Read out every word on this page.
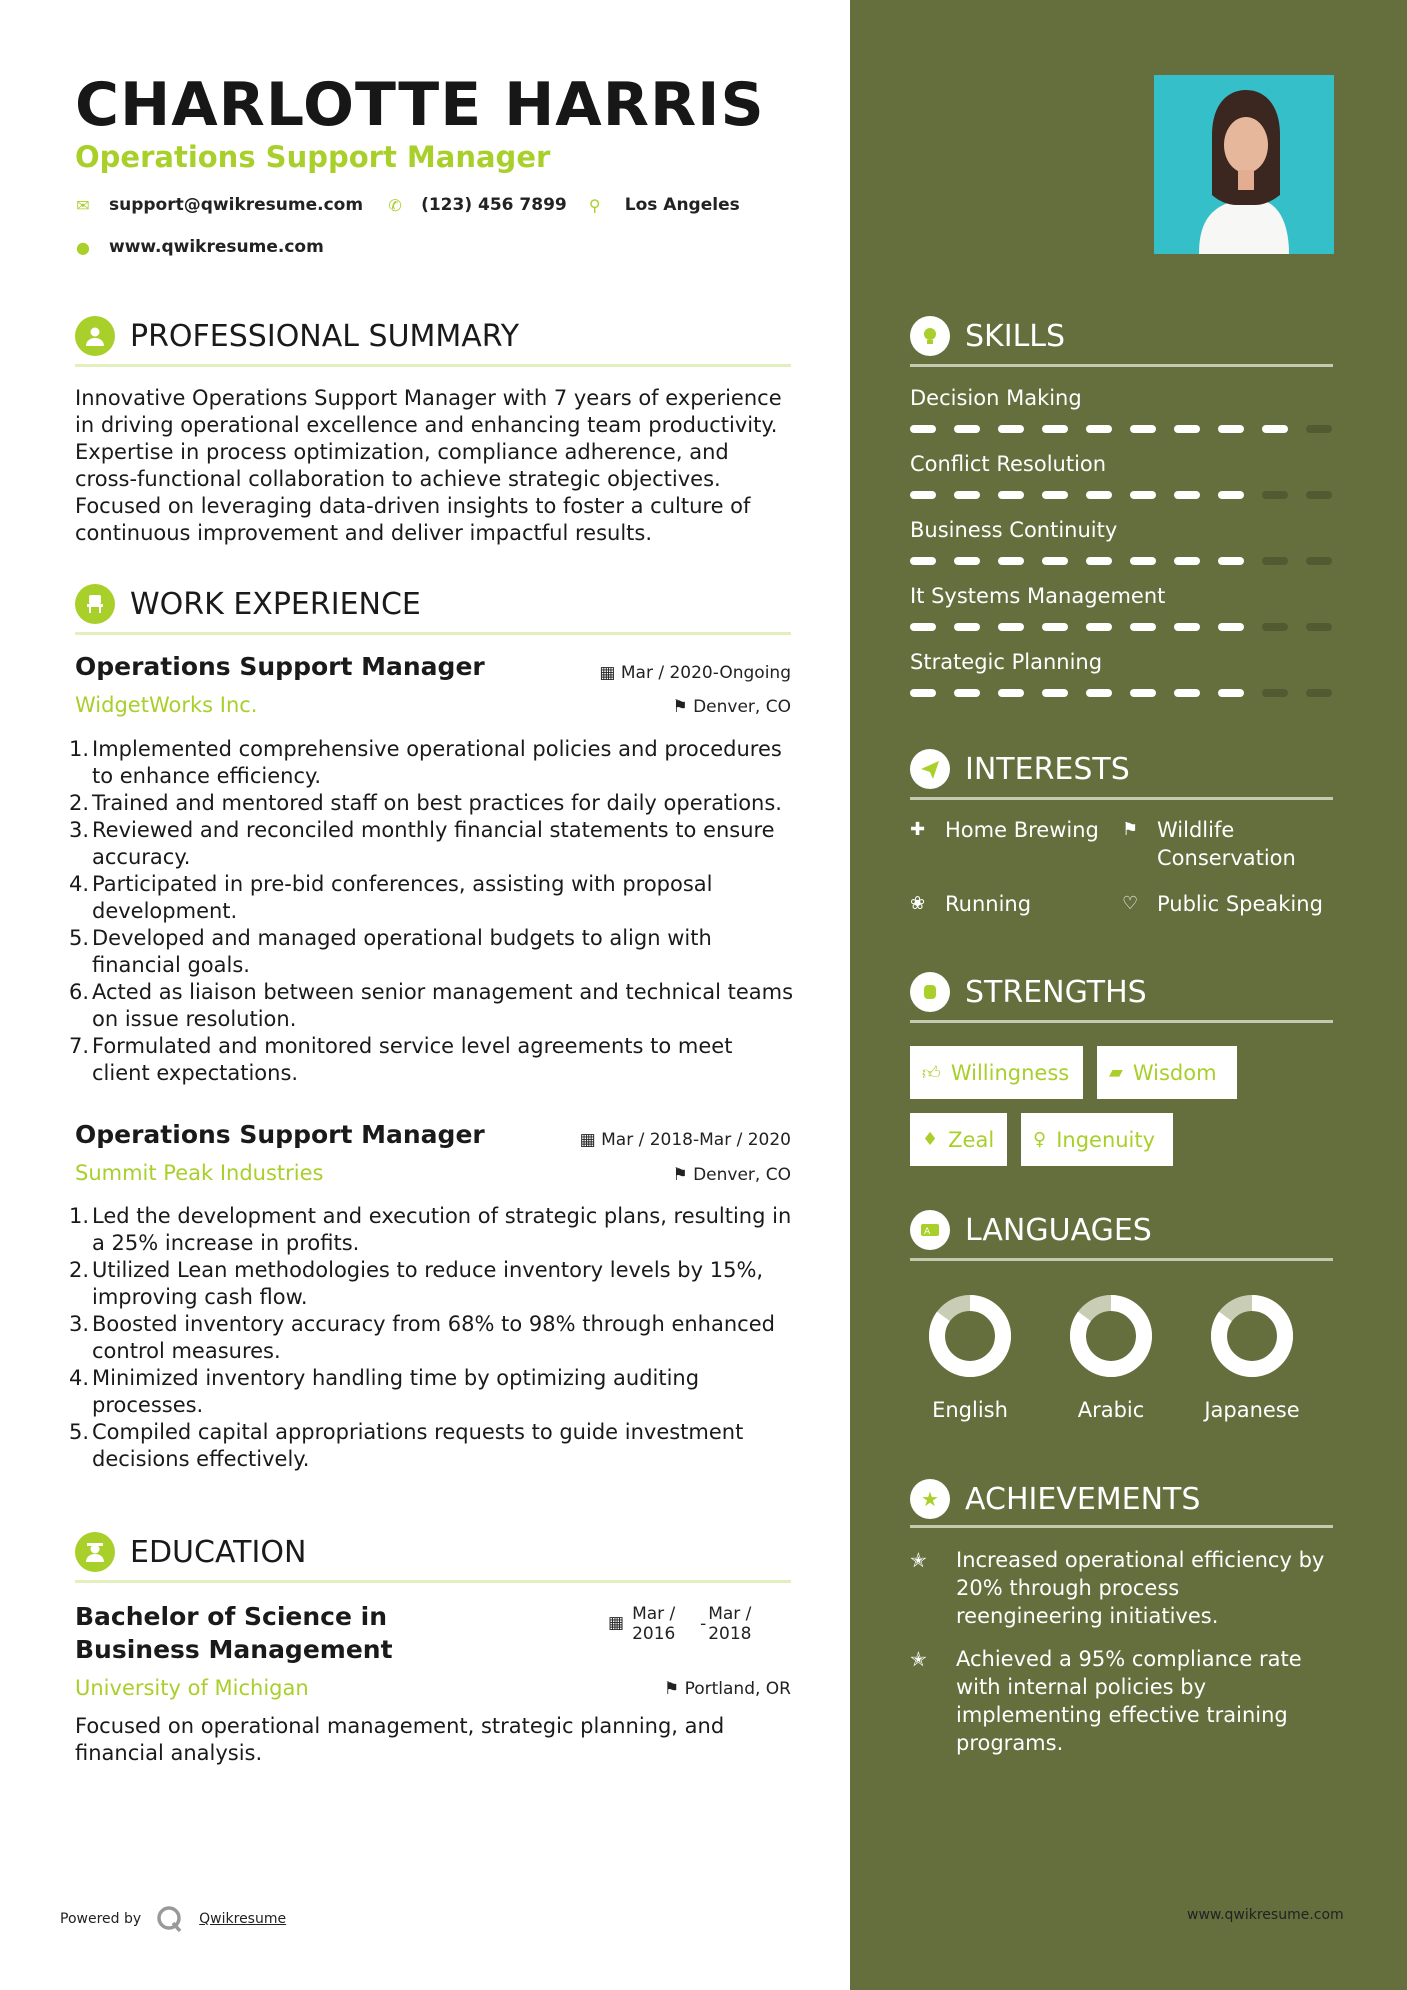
CHARLOTTE HARRIS
Operations Support Manager
✉ support@qwikresume.com ✆ (123) 456 7899 ⚲ Los Angeles
● www.qwikresume.com
PROFESSIONAL SUMMARY
Innovative Operations Support Manager with 7 years of experience in driving operational excellence and enhancing team productivity. Expertise in process optimization, compliance adherence, and cross-functional collaboration to achieve strategic objectives. Focused on leveraging data-driven insights to foster a culture of continuous improvement and deliver impactful results.
WORK EXPERIENCE
Operations Support Manager	▦ Mar / 2020-Ongoing
WidgetWorks Inc.	⚑ Denver, CO
1. Implemented comprehensive operational policies and procedures to enhance efficiency.
2. Trained and mentored staff on best practices for daily operations.
3. Reviewed and reconciled monthly financial statements to ensure accuracy.
4. Participated in pre-bid conferences, assisting with proposal development.
5. Developed and managed operational budgets to align with financial goals.
6. Acted as liaison between senior management and technical teams on issue resolution.
7. Formulated and monitored service level agreements to meet client expectations.
Operations Support Manager	▦ Mar / 2018-Mar / 2020
Summit Peak Industries	⚑ Denver, CO
1. Led the development and execution of strategic plans, resulting in a 25% increase in profits.
2. Utilized Lean methodologies to reduce inventory levels by 15%, improving cash flow.
3. Boosted inventory accuracy from 68% to 98% through enhanced control measures.
4. Minimized inventory handling time by optimizing auditing processes.
5. Compiled capital appropriations requests to guide investment decisions effectively.
EDUCATION
Bachelor of Science in Business Management
▦ Mar / 2016	- Mar / 2018
University of Michigan	⚑ Portland, OR
Focused on operational management, strategic planning, and financial analysis.
Powered by	Qwikresume
SKILLS
Decision Making
Conflict Resolution
Business Continuity
It Systems Management
Strategic Planning
INTERESTS
✚ Home Brewing ⚑ Wildlife Conservation
❀ Running	♡ Public Speaking
STRENGTHS
👍︎ Willingness ▰ Wisdom
♦ Zeal ♀ Ingenuity
A LANGUAGES
English	Arabic	Japanese
★ ACHIEVEMENTS
✭	Increased operational efficiency by 20% through process reengineering initiatives.
✭	Achieved a 95% compliance rate with internal policies by implementing effective training programs.
www.qwikresume.com
